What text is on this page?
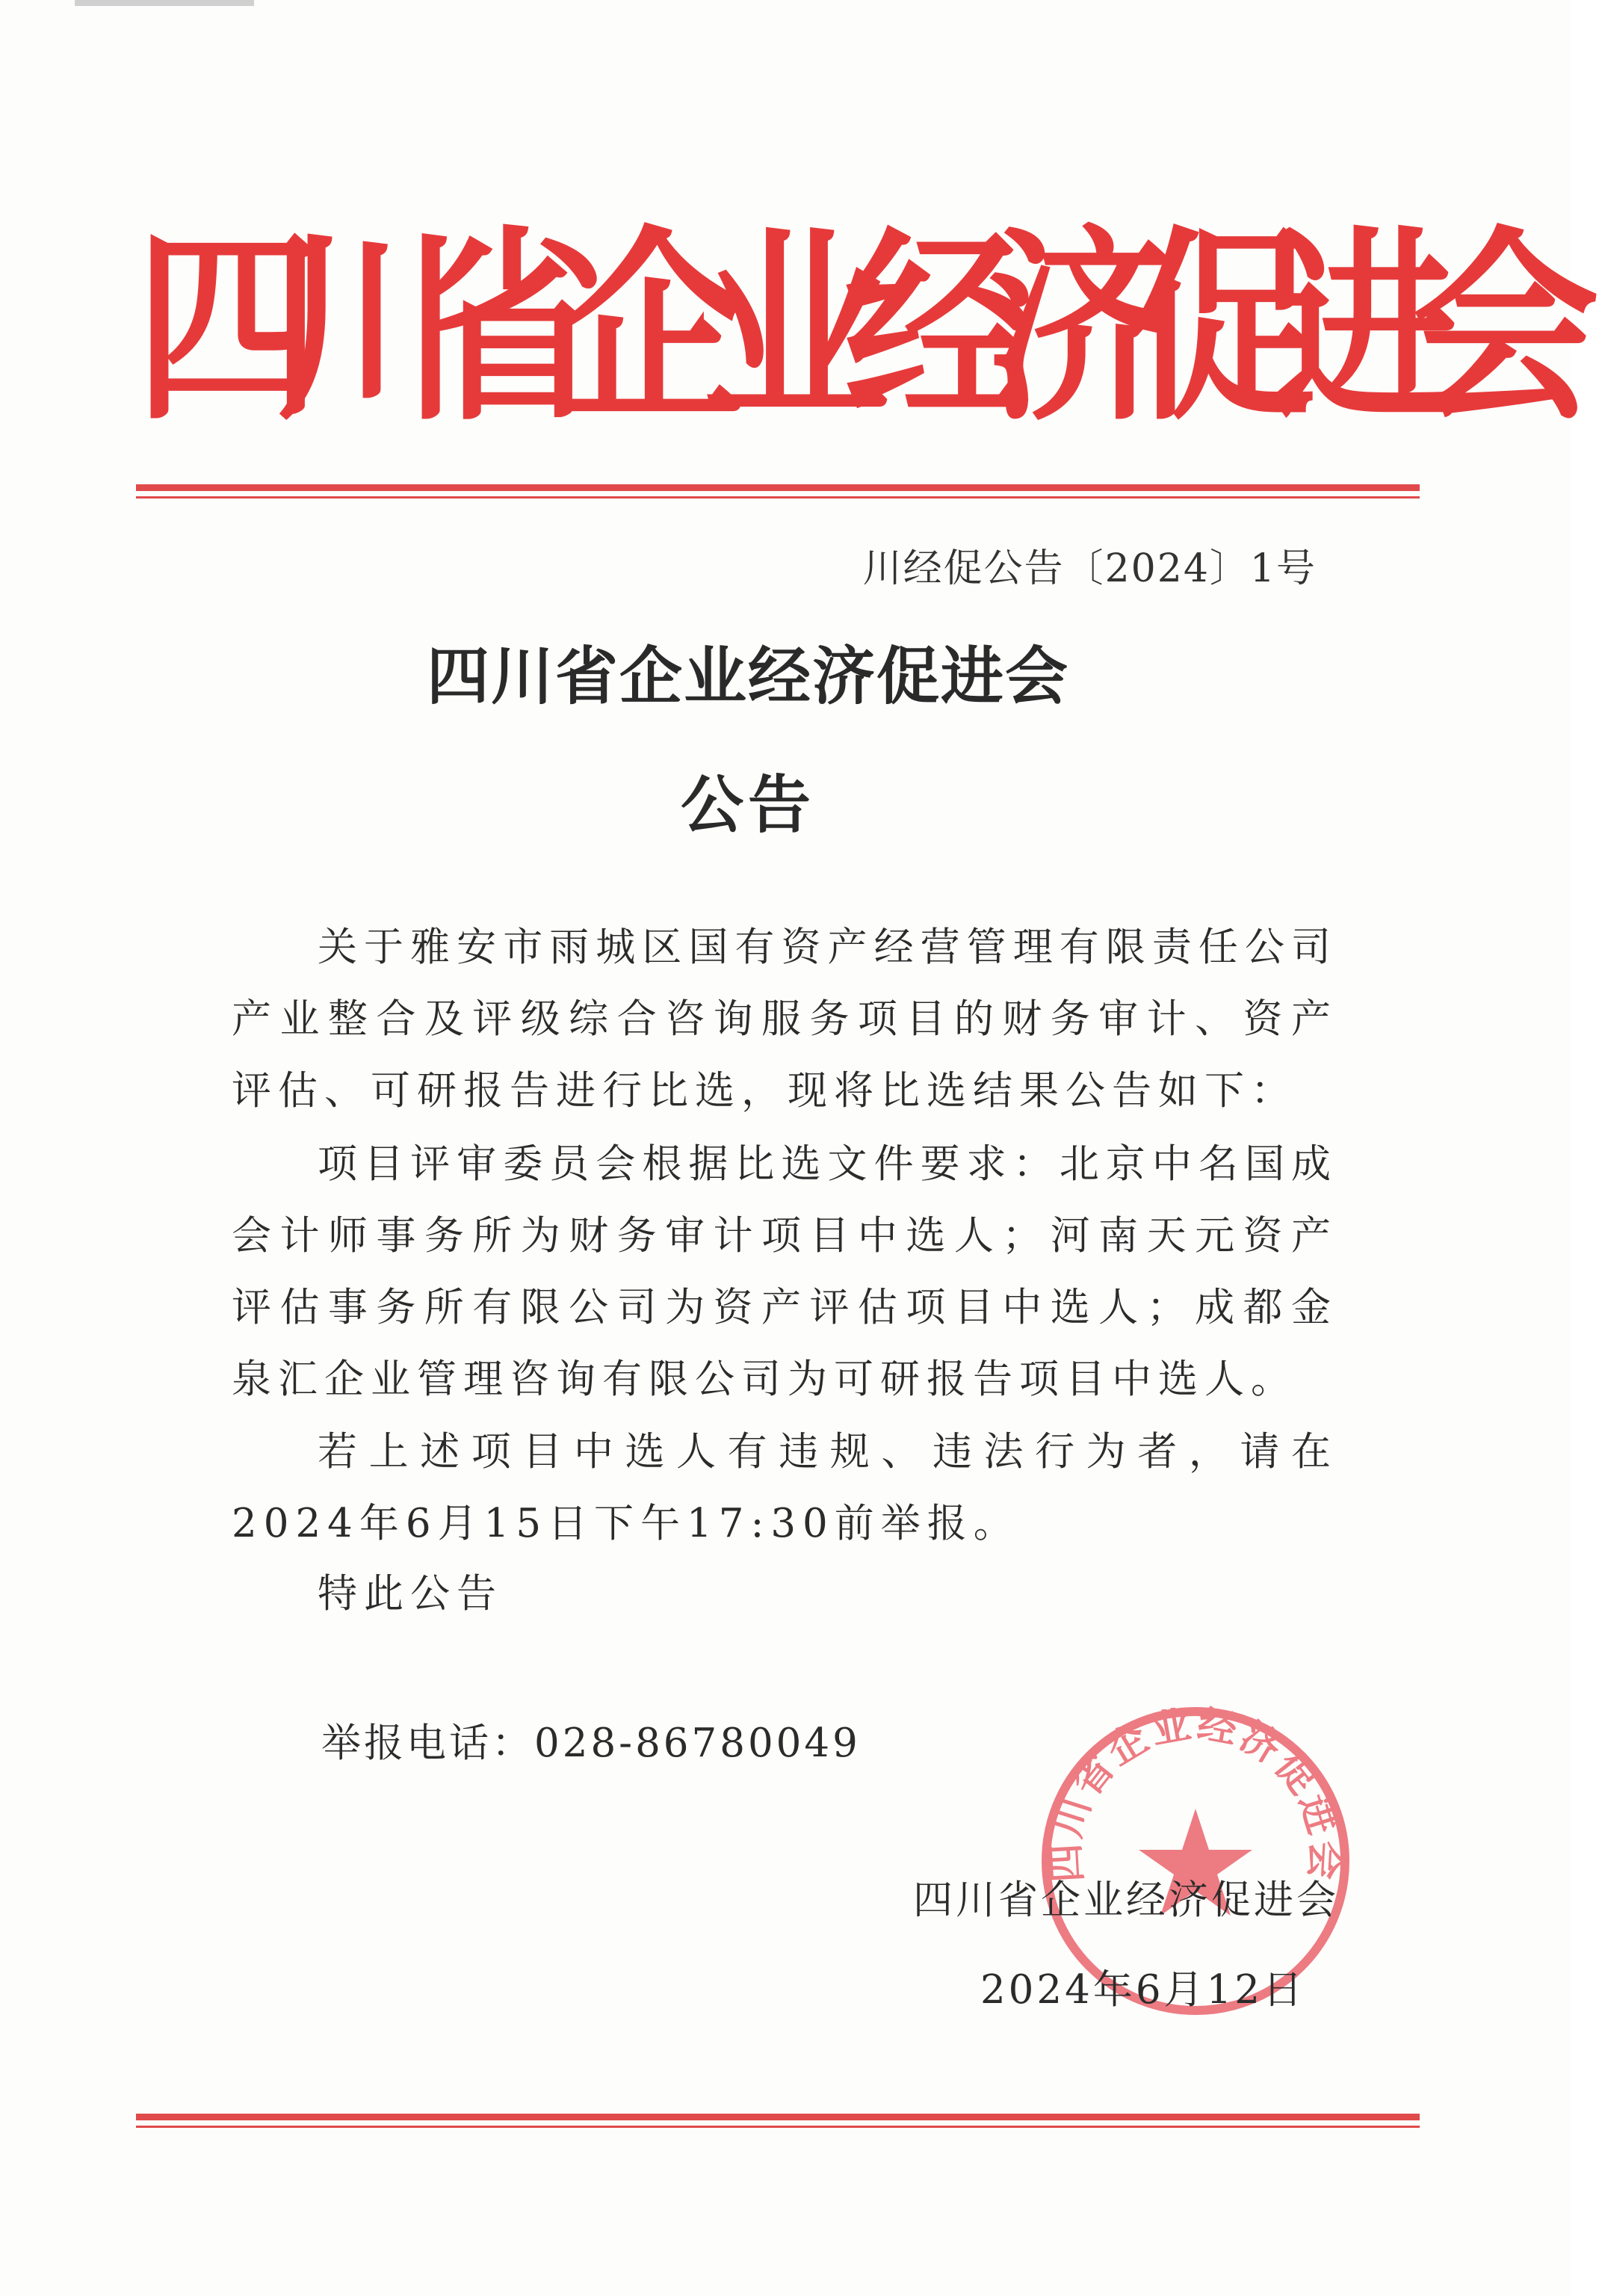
四
川
省
企
业
经
济
促
进
会
川经促公告〔2024〕1号
四川省企业经济促进会
公告

关于雅安市雨城区国有资产经营管理有限责任公司产业整合及评级综合咨询服务项目的财务审计、资产评估、可研报告进行比选，现将比选结果公告如下：

项目评审委员会根据比选文件要求：北京中名国成会计师事务所为财务审计项目中选人；河南天元资产评估事务所有限公司为资产评估项目中选人；成都金泉汇企业管理咨询有限公司为可研报告项目中选人。

若上述项目中选人有违规、违法行为者，请在2024年6月15日下午17:30前举报。

特此公告

举报电话：028-86780049
四川省企业经济促进会
四川省企业经济促进会
2024年6月12日
